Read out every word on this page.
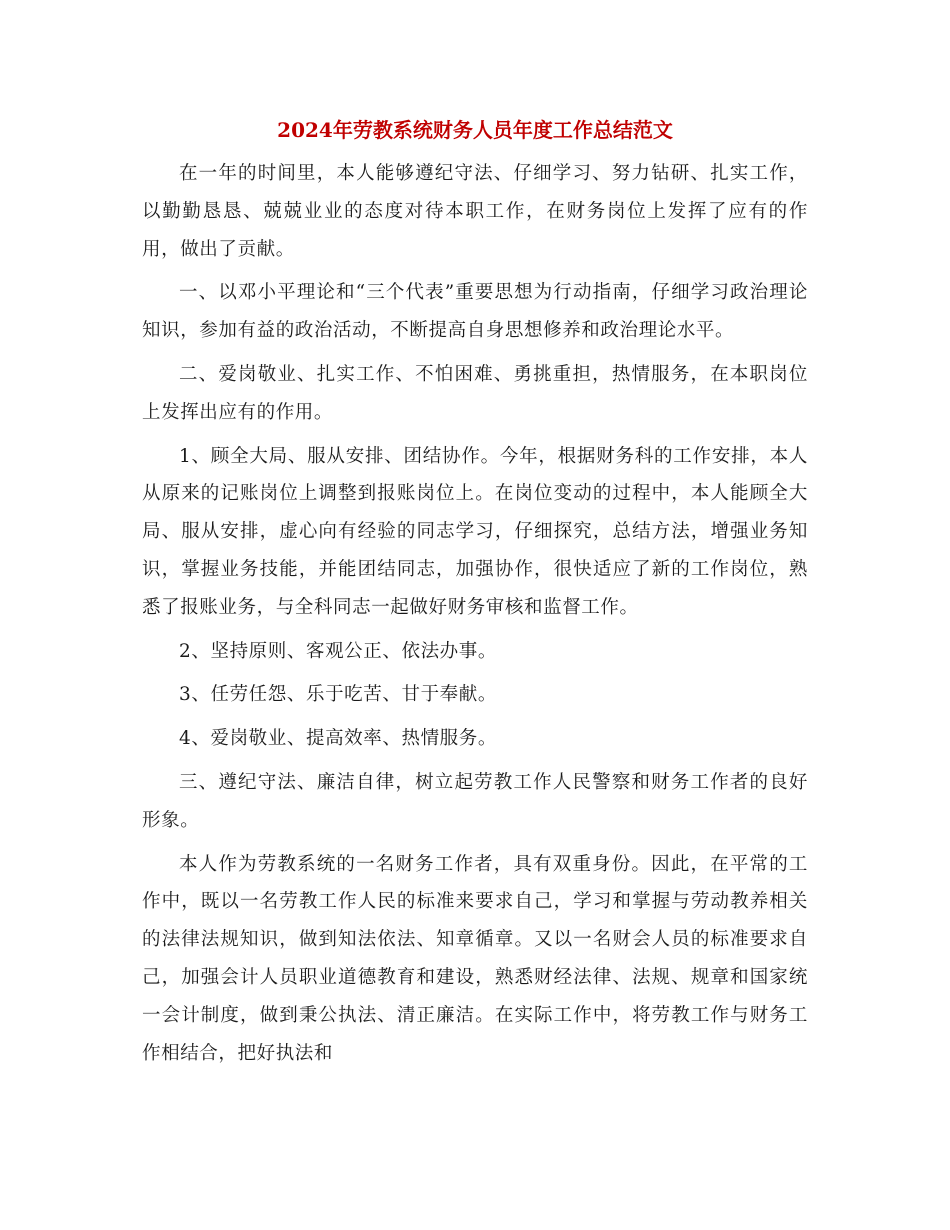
2024年劳教系统财务人员年度工作总结范文

在一年的时间里，本人能够遵纪守法、仔细学习、努力钻研、扎实工作，以勤勤恳恳、兢兢业业的态度对待本职工作，在财务岗位上发挥了应有的作用，做出了贡献。

一、以邓小平理论和“三个代表”重要思想为行动指南，仔细学习政治理论知识，参加有益的政治活动，不断提高自身思想修养和政治理论水平。

二、爱岗敬业、扎实工作、不怕困难、勇挑重担，热情服务，在本职岗位上发挥出应有的作用。

1、顾全大局、服从安排、团结协作。今年，根据财务科的工作安排，本人从原来的记账岗位上调整到报账岗位上。在岗位变动的过程中，本人能顾全大局、服从安排，虚心向有经验的同志学习，仔细探究，总结方法，增强业务知识，掌握业务技能，并能团结同志，加强协作，很快适应了新的工作岗位，熟悉了报账业务，与全科同志一起做好财务审核和监督工作。

2、坚持原则、客观公正、依法办事。

3、任劳任怨、乐于吃苦、甘于奉献。

4、爱岗敬业、提高效率、热情服务。

三、遵纪守法、廉洁自律，树立起劳教工作人民警察和财务工作者的良好形象。

本人作为劳教系统的一名财务工作者，具有双重身份。因此，在平常的工作中，既以一名劳教工作人民的标准来要求自己，学习和掌握与劳动教养相关的法律法规知识，做到知法依法、知章循章。又以一名财会人员的标准要求自己，加强会计人员职业道德教育和建设，熟悉财经法律、法规、规章和国家统一会计制度，做到秉公执法、清正廉洁。在实际工作中，将劳教工作与财务工作相结合，把好执法和
